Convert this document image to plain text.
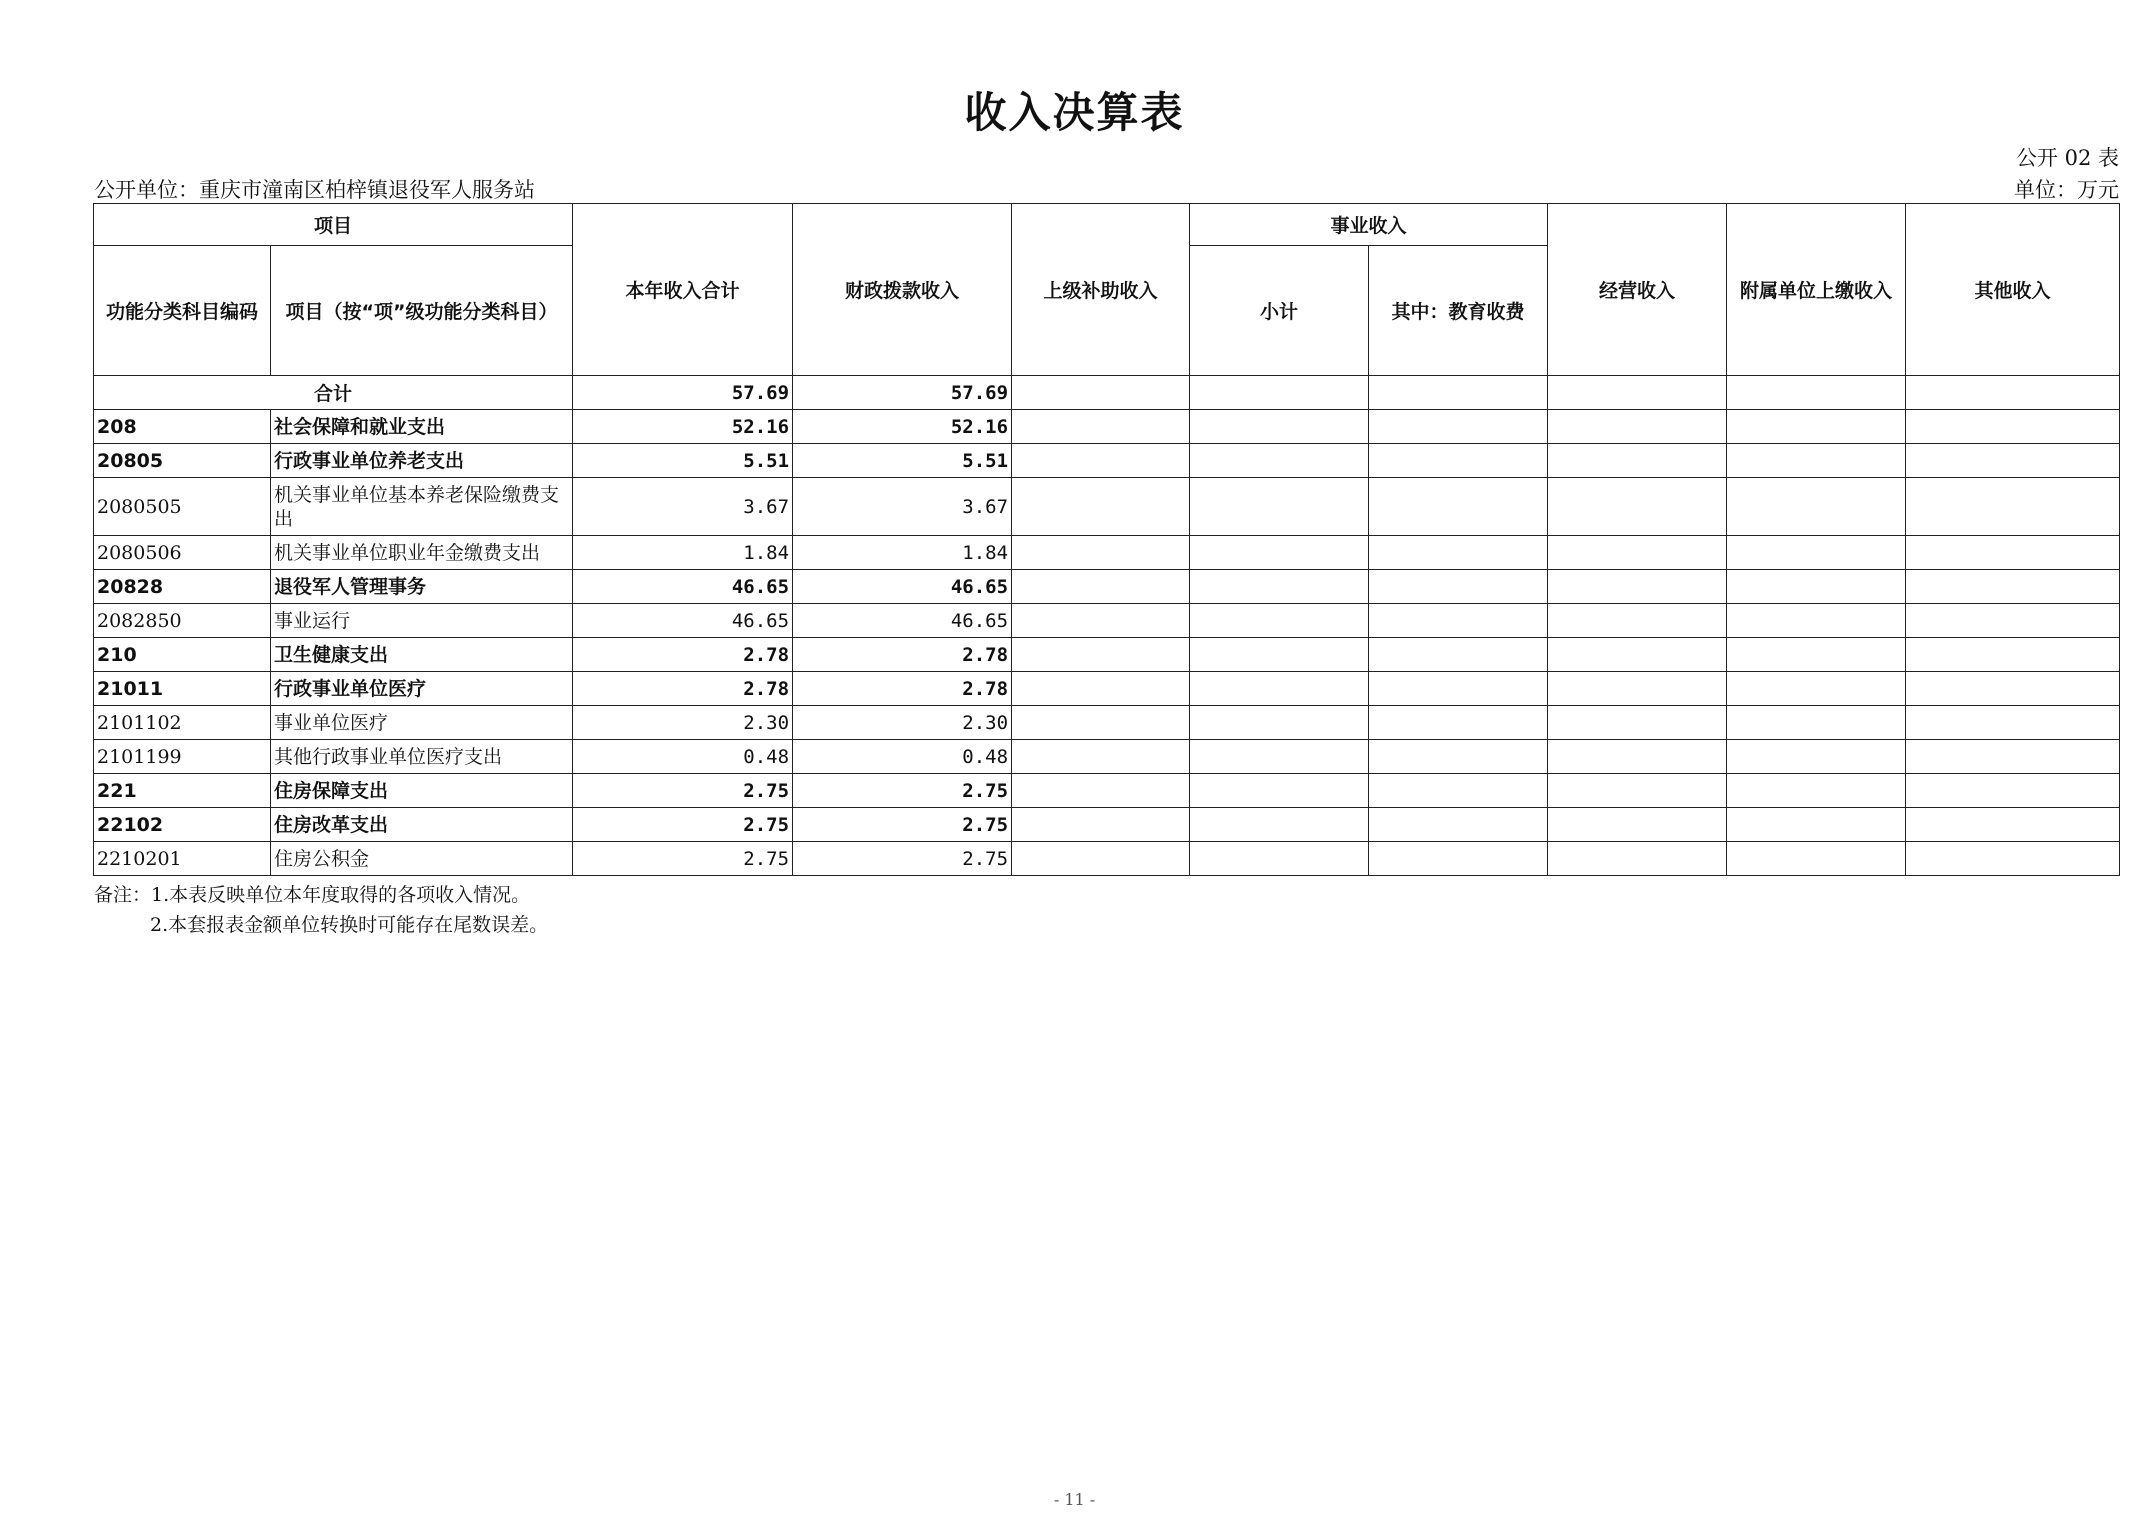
收入决算表
公开 02 表
公开单位：重庆市潼南区柏梓镇退役军人服务站	单位：万元
项目		本年收入合计	财政拨款收入	上级补助收入	事业收入		经营收入	附属单位上缴收入	其他收入
功能分类科目编码	项目（按“项”级功能分类科目）				小计	其中：教育收费			
合计		57.69	57.69						
208	社会保障和就业支出	52.16	52.16						
20805	行政事业单位养老支出	5.51	5.51						
2080505	机关事业单位基本养老保险缴费支出	3.67	3.67						
2080506	机关事业单位职业年金缴费支出	1.84	1.84						
20828	退役军人管理事务	46.65	46.65						
2082850	事业运行	46.65	46.65						
210	卫生健康支出	2.78	2.78						
21011	行政事业单位医疗	2.78	2.78						
2101102	事业单位医疗	2.30	2.30						
2101199	其他行政事业单位医疗支出	0.48	0.48						
221	住房保障支出	2.75	2.75						
22102	住房改革支出	2.75	2.75						
2210201	住房公积金	2.75	2.75						
备注：1.本表反映单位本年度取得的各项收入情况。
2.本套报表金额单位转换时可能存在尾数误差。
- 11 -
